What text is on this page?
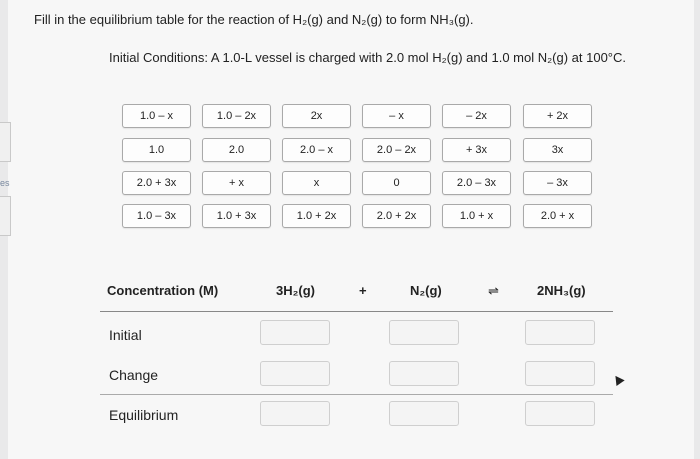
es
Fill in the equilibrium table for the reaction of H₂(g) and N₂(g) to form NH₃(g).
Initial Conditions: A 1.0-L vessel is charged with 2.0 mol H₂(g) and 1.0 mol N₂(g) at 100°C.
1.0 – x	1.0 – 2x	2x	– x	– 2x	+ 2x
1.0	2.0	2.0 – x	2.0 – 2x	+ 3x	3x
2.0 + 3x	+ x	x	0	2.0 – 3x	– 3x
1.0 – 3x	1.0 + 3x	1.0 + 2x	2.0 + 2x	1.0 + x	2.0 + x
Concentration (M)	3H₂(g)	+	N₂(g)	⇌	2NH₃(g)
Initial
Change
Equilibrium
